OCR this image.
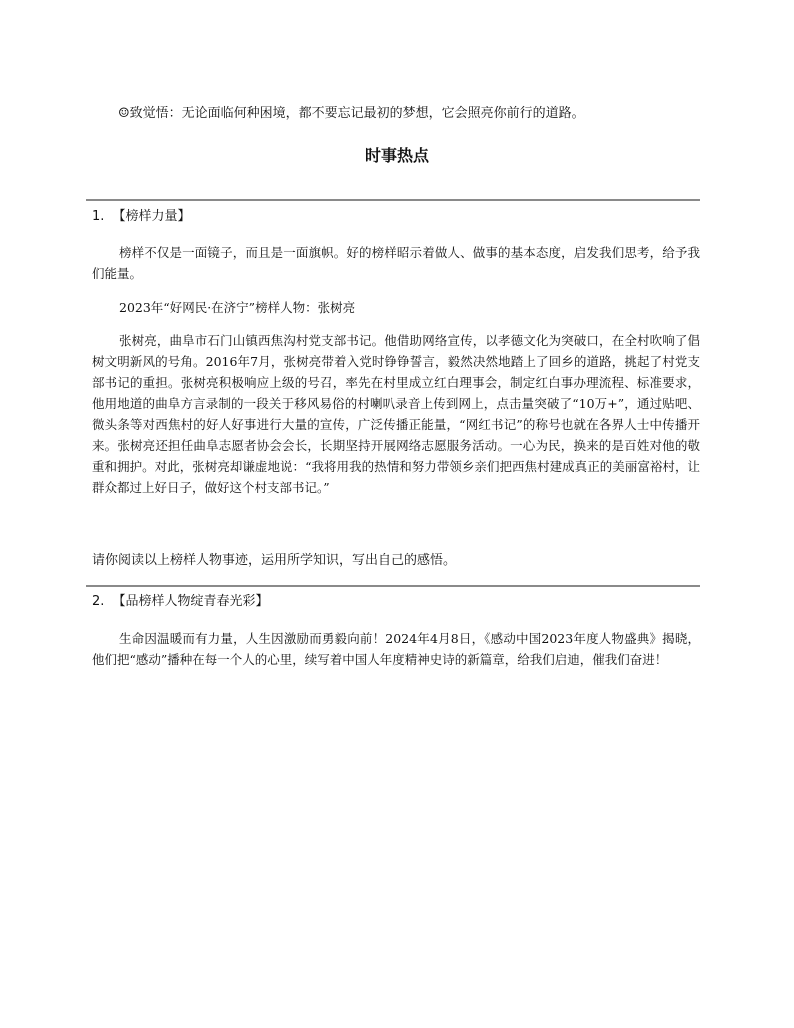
☺致觉悟：无论面临何种困境，都不要忘记最初的梦想，它会照亮你前行的道路。
时事热点
1. 【榜样力量】
榜样不仅是一面镜子，而且是一面旗帜。好的榜样昭示着做人、做事的基本态度，启发我们思考，给予我们能量。
2023年“好网民·在济宁”榜样人物：张树亮
张树亮，曲阜市石门山镇西焦沟村党支部书记。他借助网络宣传，以孝德文化为突破口，在全村吹响了倡树文明新风的号角。2016年7月，张树亮带着入党时铮铮誓言，毅然决然地踏上了回乡的道路，挑起了村党支部书记的重担。张树亮积极响应上级的号召，率先在村里成立红白理事会，制定红白事办理流程、标准要求，他用地道的曲阜方言录制的一段关于移风易俗的村喇叭录音上传到网上，点击量突破了“10万+”，通过贴吧、微头条等对西焦村的好人好事进行大量的宣传，广泛传播正能量，“网红书记”的称号也就在各界人士中传播开来。张树亮还担任曲阜志愿者协会会长，长期坚持开展网络志愿服务活动。一心为民，换来的是百姓对他的敬重和拥护。对此，张树亮却谦虚地说：“我将用我的热情和努力带领乡亲们把西焦村建成真正的美丽富裕村，让群众都过上好日子，做好这个村支部书记。”
请你阅读以上榜样人物事迹，运用所学知识，写出自己的感悟。
2. 【品榜样人物绽青春光彩】
生命因温暖而有力量，人生因激励而勇毅向前！2024年4月8日，《感动中国2023年度人物盛典》揭晓，他们把“感动”播种在每一个人的心里，续写着中国人年度精神史诗的新篇章，给我们启迪，催我们奋进！
